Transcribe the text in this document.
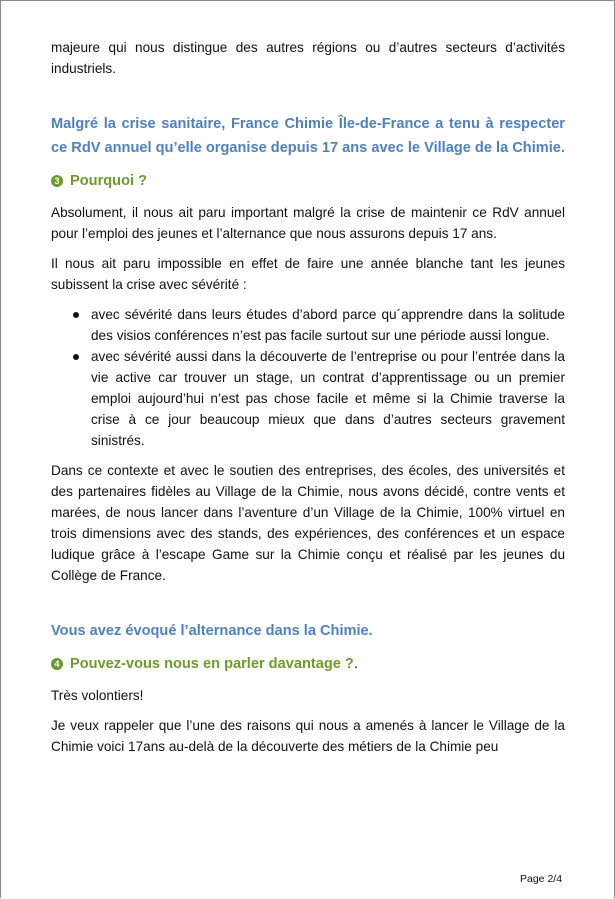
majeure qui nous distingue des autres régions ou d’autres secteurs d’activités industriels.

Malgré la crise sanitaire, France Chimie Île-de-France a tenu à respecter ce RdV annuel qu’elle organise depuis 17 ans avec le Village de la Chimie.

3 Pourquoi ?

Absolument, il nous ait paru important malgré la crise de maintenir ce RdV annuel pour l’emploi des jeunes et l’alternance que nous assurons depuis 17 ans.

Il nous ait paru impossible en effet de faire une année blanche tant les jeunes subissent la crise avec sévérité :

avec sévérité dans leurs études d’abord parce qu´apprendre dans la solitude des visios conférences n’est pas facile surtout sur une période aussi longue.
avec sévérité aussi dans la découverte de l’entreprise ou pour l’entrée dans la vie active car trouver un stage, un contrat d’apprentissage ou un premier emploi aujourd’hui n’est pas chose facile et même si la Chimie traverse la crise à ce jour beaucoup mieux que dans d’autres secteurs gravement sinistrés.

Dans ce contexte et avec le soutien des entreprises, des écoles, des universités et des partenaires fidèles au Village de la Chimie, nous avons décidé, contre vents et marées, de nous lancer dans l’aventure d’un Village de la Chimie, 100% virtuel en trois dimensions avec des stands, des expériences, des conférences et un espace ludique grâce à l’escape Game sur la Chimie conçu et réalisé par les jeunes du Collège de France.

Vous avez évoqué l’alternance dans la Chimie.

4 Pouvez-vous nous en parler davantage ? .

Très volontiers!

Je veux rappeler que l’une des raisons qui nous a amenés à lancer le Village de la Chimie voici 17ans au-delà de la découverte des métiers de la Chimie peu

Page 2/4
